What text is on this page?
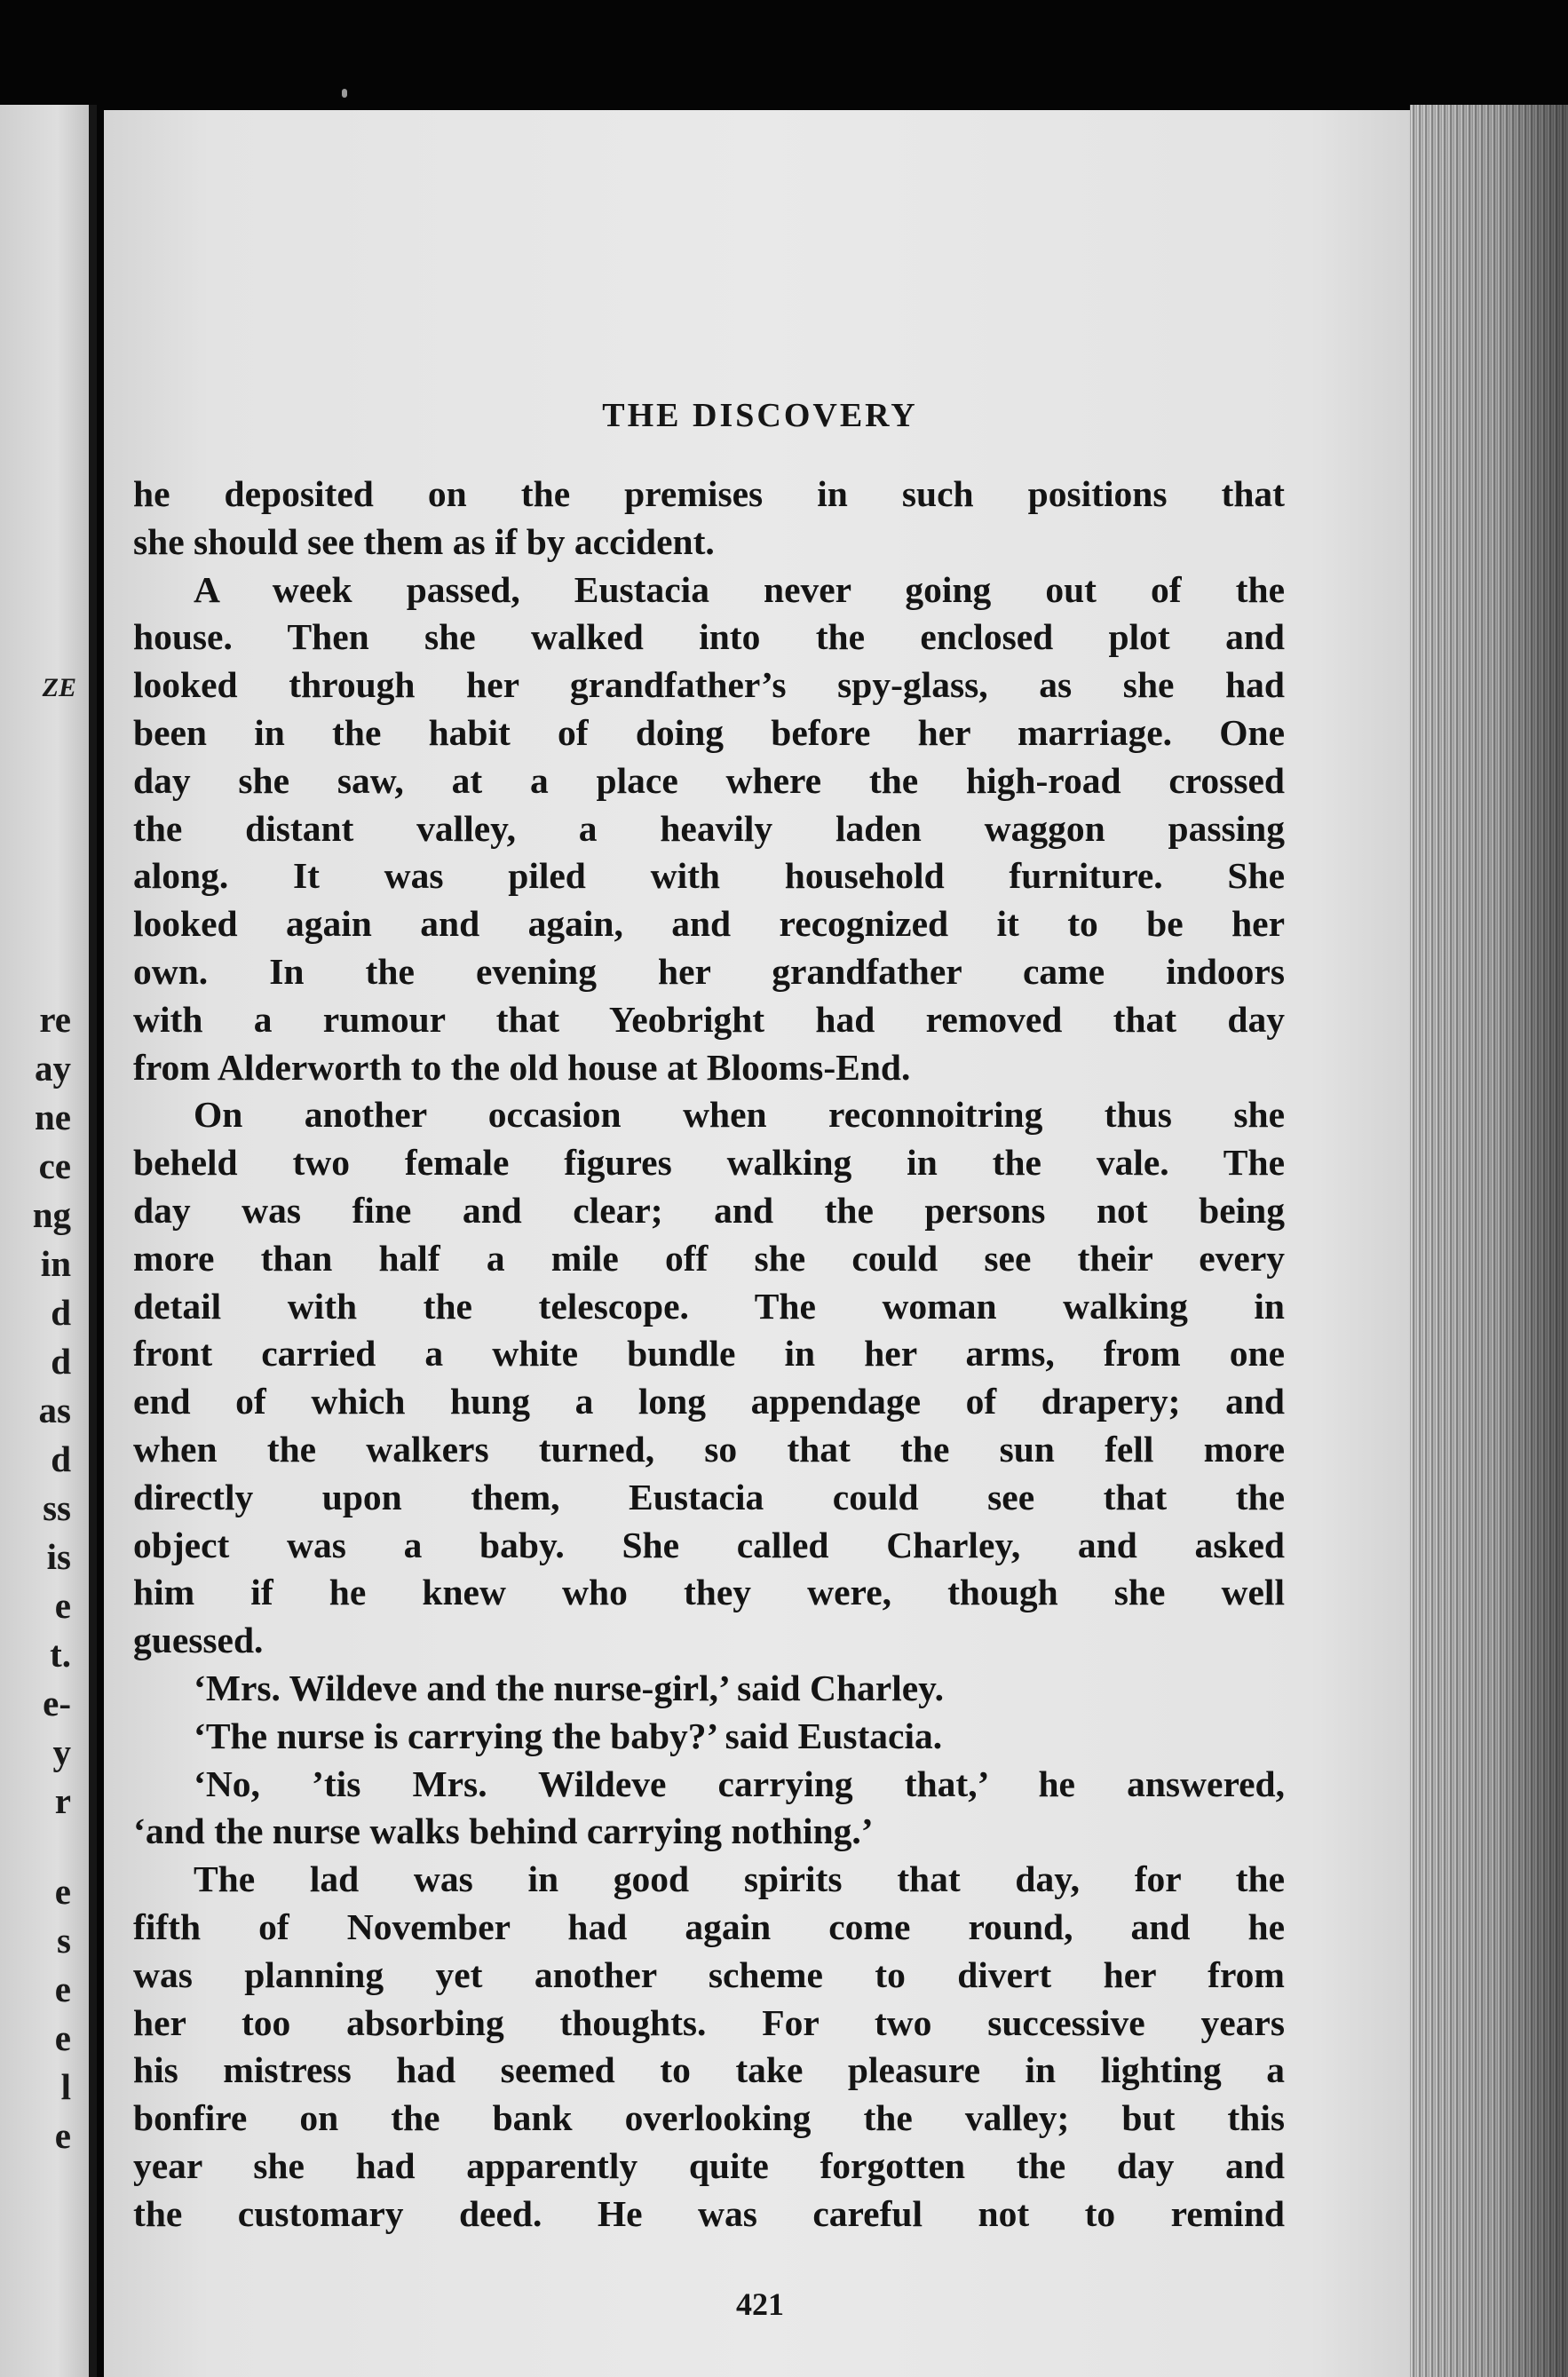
ZE
re
ay
ne
ce
ng
in
d
d
as
d
ss
is
e
t.
e-
y
r
e
s
e
e
l
e
THE DISCOVERY
he deposited on the premises in such positions that
she should see them as if by accident.
A week passed, Eustacia never going out of the
house. Then she walked into the enclosed plot and
looked through her grandfather’s spy-glass, as she had
been in the habit of doing before her marriage. One
day she saw, at a place where the high-road crossed
the distant valley, a heavily laden waggon passing
along. It was piled with household furniture. She
looked again and again, and recognized it to be her
own. In the evening her grandfather came indoors
with a rumour that Yeobright had removed that day
from Alderworth to the old house at Blooms-End.
On another occasion when reconnoitring thus she
beheld two female figures walking in the vale. The
day was fine and clear; and the persons not being
more than half a mile off she could see their every
detail with the telescope. The woman walking in
front carried a white bundle in her arms, from one
end of which hung a long appendage of drapery; and
when the walkers turned, so that the sun fell more
directly upon them, Eustacia could see that the
object was a baby. She called Charley, and asked
him if he knew who they were, though she well
guessed.
‘Mrs. Wildeve and the nurse-girl,’ said Charley.
‘The nurse is carrying the baby?’ said Eustacia.
‘No, ’tis Mrs. Wildeve carrying that,’ he answered,
‘and the nurse walks behind carrying nothing.’
The lad was in good spirits that day, for the
fifth of November had again come round, and he
was planning yet another scheme to divert her from
her too absorbing thoughts. For two successive years
his mistress had seemed to take pleasure in lighting a
bonfire on the bank overlooking the valley; but this
year she had apparently quite forgotten the day and
the customary deed. He was careful not to remind
421
